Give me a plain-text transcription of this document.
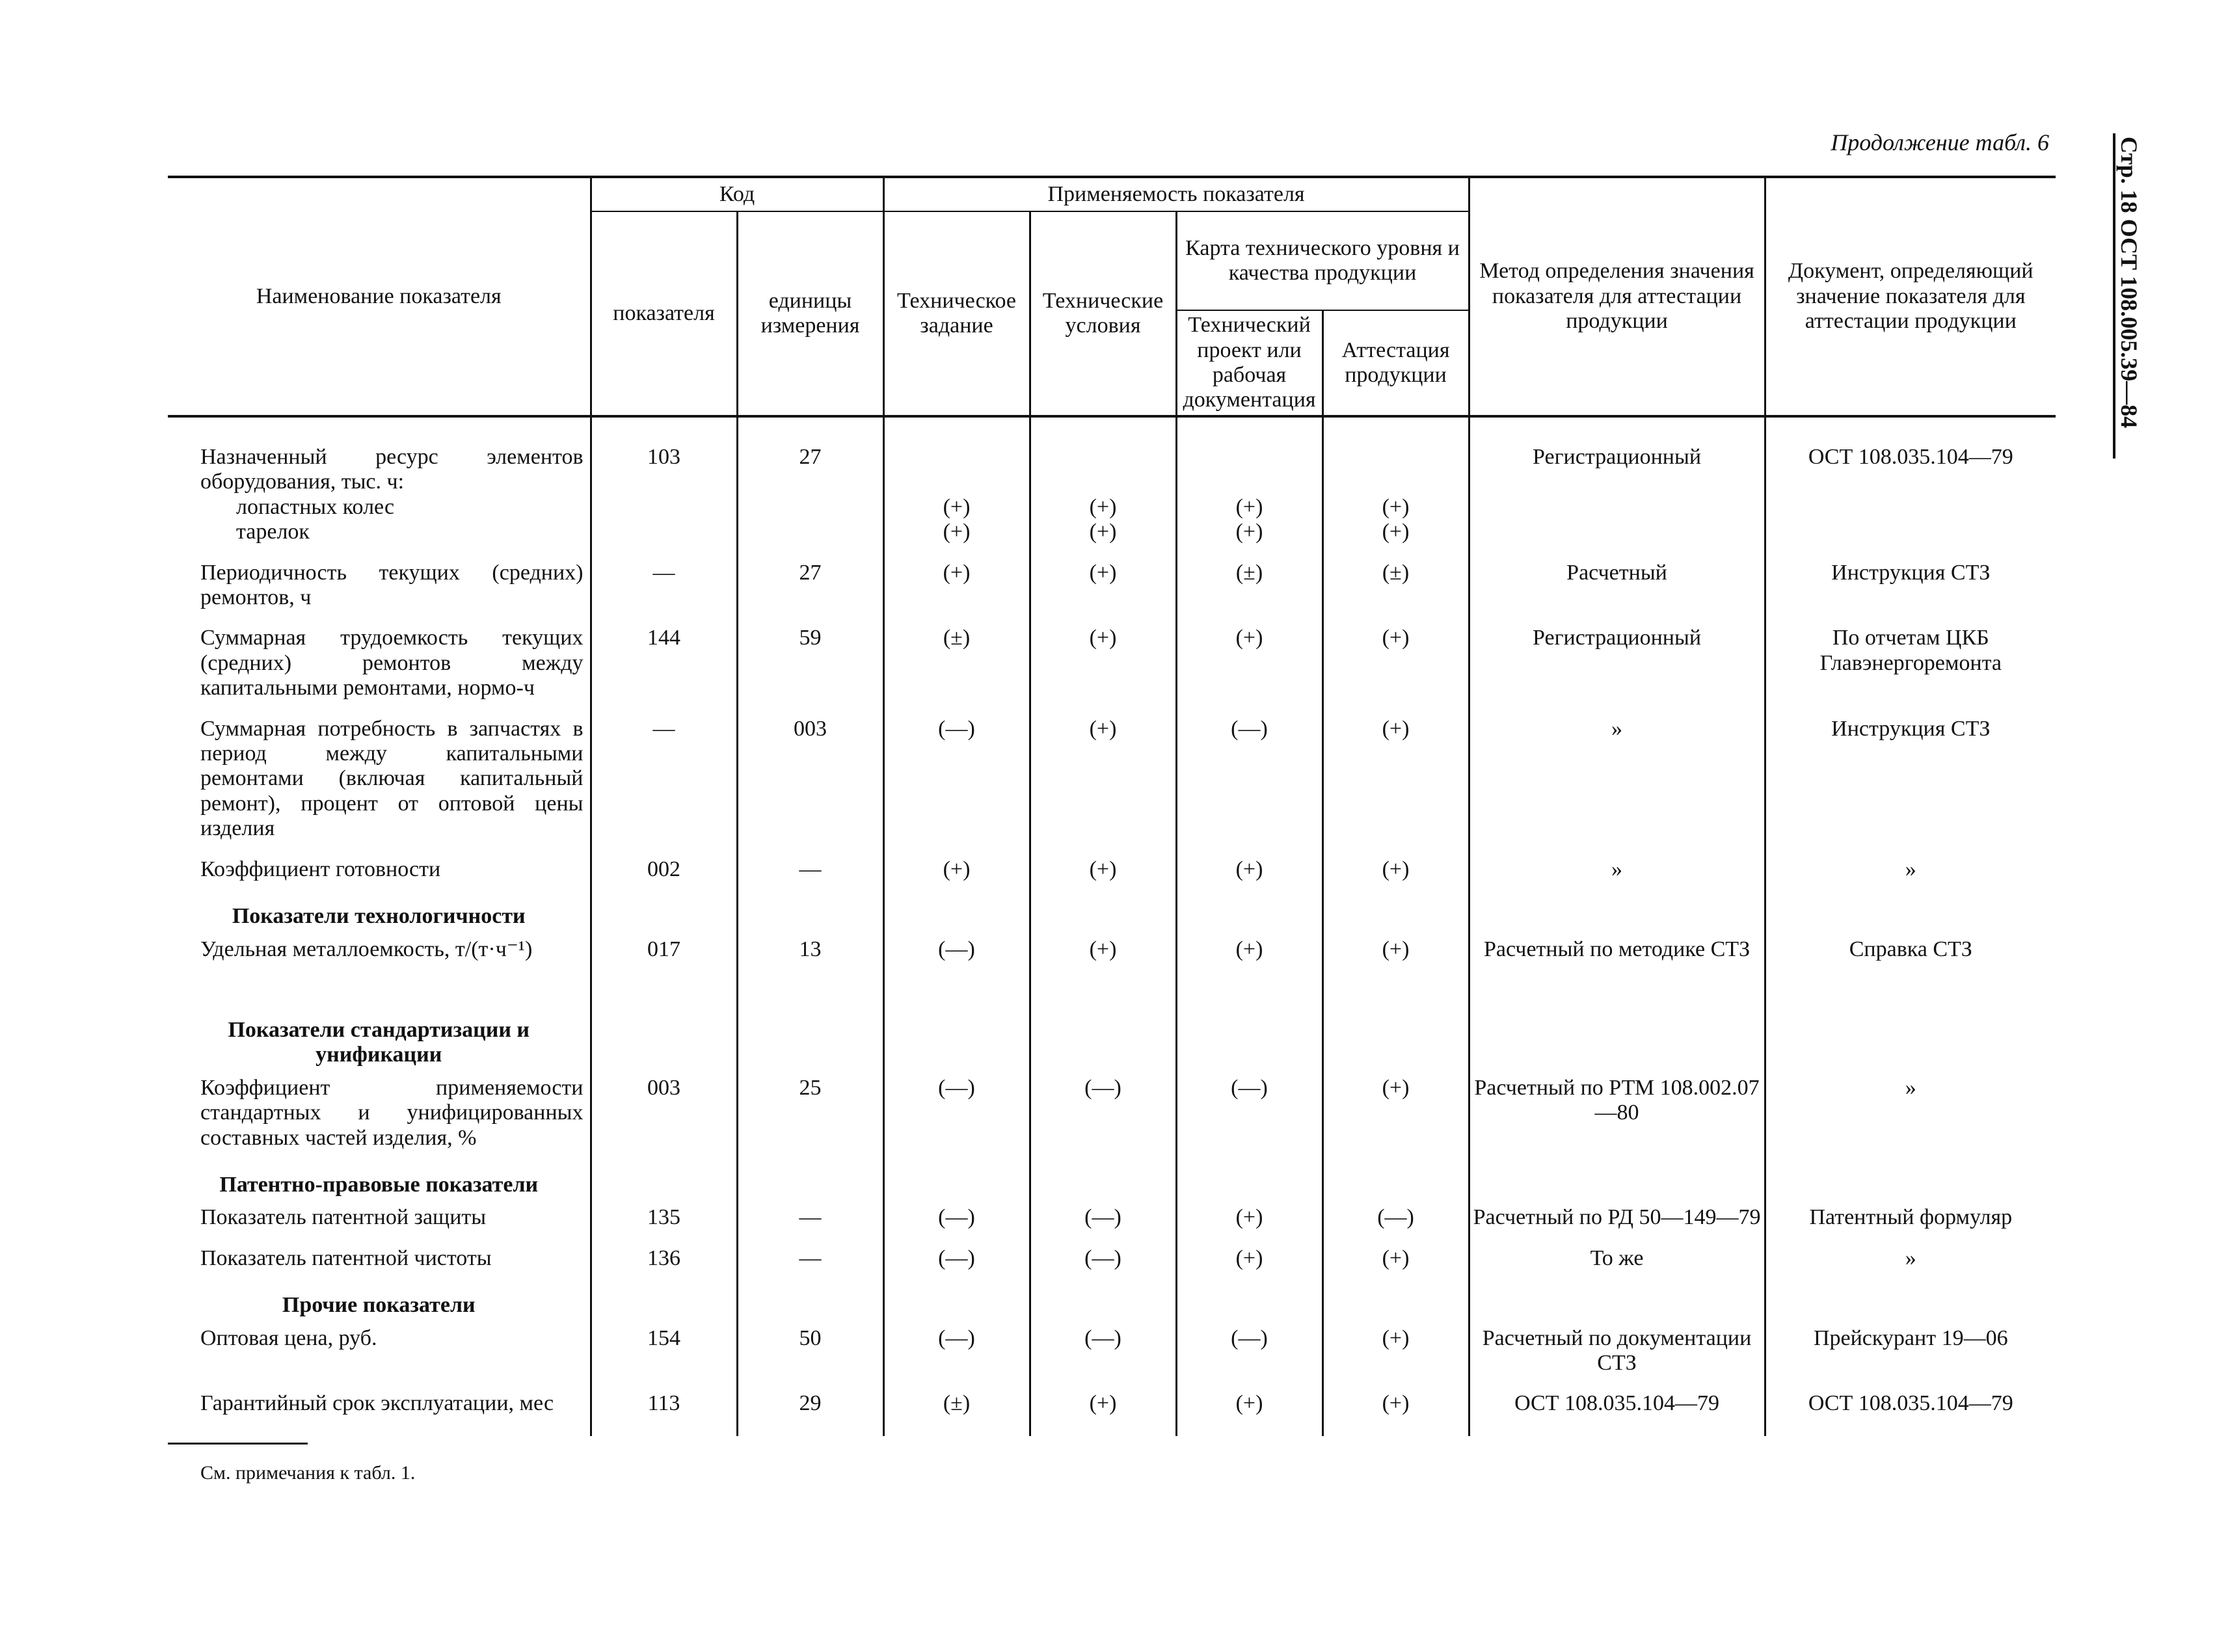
Продолжение табл. 6	Стр. 18 ОСТ 108.005.39—84
Наименование показателя	Код		Применяемость показателя				Метод определения значения показателя для аттестации продукции	Документ, определяющий значение показателя для аттестации продукции
	показателя	единицы измерения	Техническое задание	Технические условия	Карта технического уровня и качества продукции			
					Технический проект или рабочая документация	Аттестация продукции		

Назначенный ресурс элементов оборудования, тыс. ч:	103	27					Регистрационный	ОСТ 108.035.104—79

лопастных колес			(+)	(+)	(+)	(+)		

тарелок			(+)	(+)	(+)	(+)		

Периодичность текущих (средних) ремонтов, ч	—	27	(+)	(+)	(±)	(±)	Расчетный	Инструкция СТЗ

Суммарная трудоемкость текущих (средних) ремонтов между капитальными ремонтами, нормо-ч	144	59	(±)	(+)	(+)	(+)	Регистрационный	По отчетам ЦКБ Главэнергоремонта

Суммарная потребность в запчастях в период между капитальными ремонтами (включая капитальный ремонт), процент от оптовой цены изделия	—	003	(—)	(+)	(—)	(+)	»	Инструкция СТЗ

Коэффициент готовности	002	—	(+)	(+)	(+)	(+)	»	»
Показатели технологичности								

Удельная металлоемкость, т/(т·ч⁻¹)	017	13	(—)	(+)	(+)	(+)	Расчетный по методике СТЗ	Справка СТЗ
Показатели стандартизации и унификации								

Коэффициент применяемости стандартных и унифицированных составных частей изделия, %	003	25	(—)	(—)	(—)	(+)	Расчетный по РТМ 108.002.07—80	»
Патентно-правовые показатели								

Показатель патентной защиты	135	—	(—)	(—)	(+)	(—)	Расчетный по РД 50—149—79	Патентный формуляр

Показатель патентной чистоты	136	—	(—)	(—)	(+)	(+)	То же	»
Прочие показатели								

Оптовая цена, руб.	154	50	(—)	(—)	(—)	(+)	Расчетный по документации СТЗ	Прейскурант 19—06

Гарантийный срок эксплуатации, мес	113	29	(±)	(+)	(+)	(+)	ОСТ 108.035.104—79	ОСТ 108.035.104—79
См. примечания к табл. 1.
